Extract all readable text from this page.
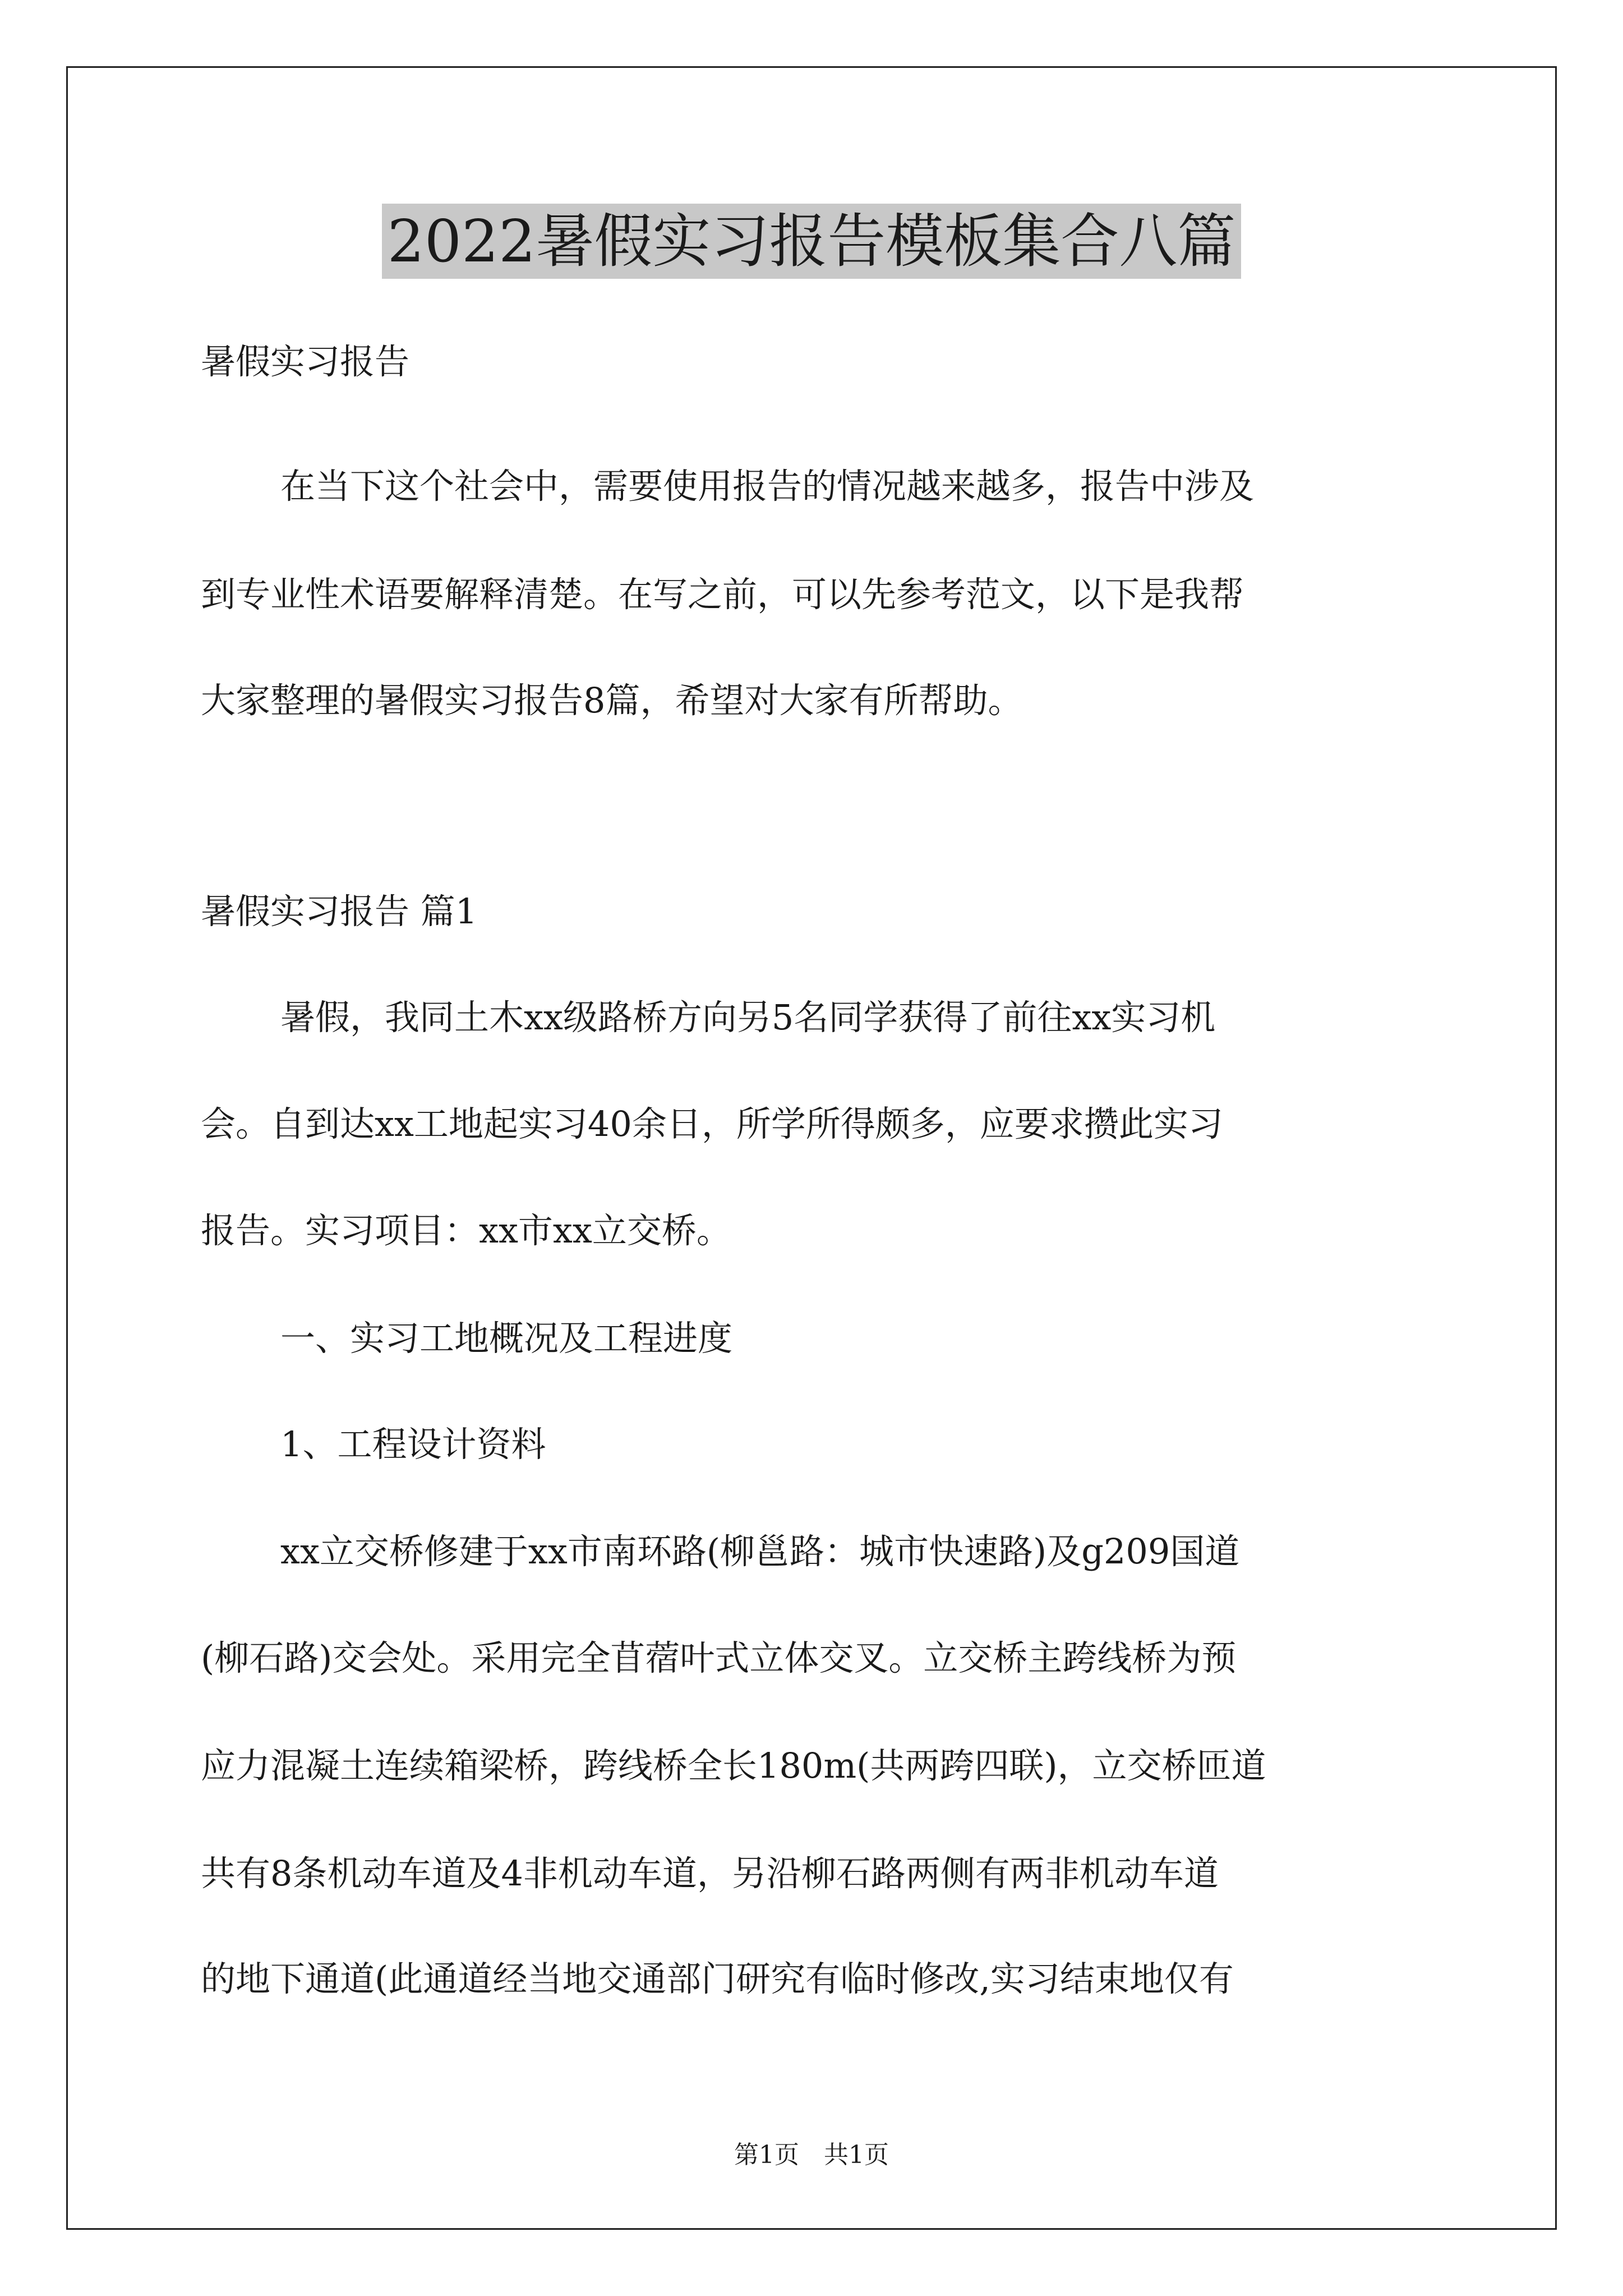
2022暑假实习报告模板集合八篇

暑假实习报告

在当下这个社会中，需要使用报告的情况越来越多，报告中涉及

到专业性术语要解释清楚。在写之前，可以先参考范文，以下是我帮

大家整理的暑假实习报告8篇，希望对大家有所帮助。

暑假实习报告 篇1

暑假，我同土木xx级路桥方向另5名同学获得了前往xx实习机

会。自到达xx工地起实习40余日，所学所得颇多，应要求攒此实习

报告。实习项目：xx市xx立交桥。

一、实习工地概况及工程进度

1、工程设计资料

xx立交桥修建于xx市南环路(柳邕路：城市快速路)及g209国道

(柳石路)交会处。采用完全苜蓿叶式立体交叉。立交桥主跨线桥为预

应力混凝土连续箱梁桥，跨线桥全长180m(共两跨四联)，立交桥匝道

共有8条机动车道及4非机动车道，另沿柳石路两侧有两非机动车道

的地下通道(此通道经当地交通部门研究有临时修改,实习结束地仅有

第1页　共1页
